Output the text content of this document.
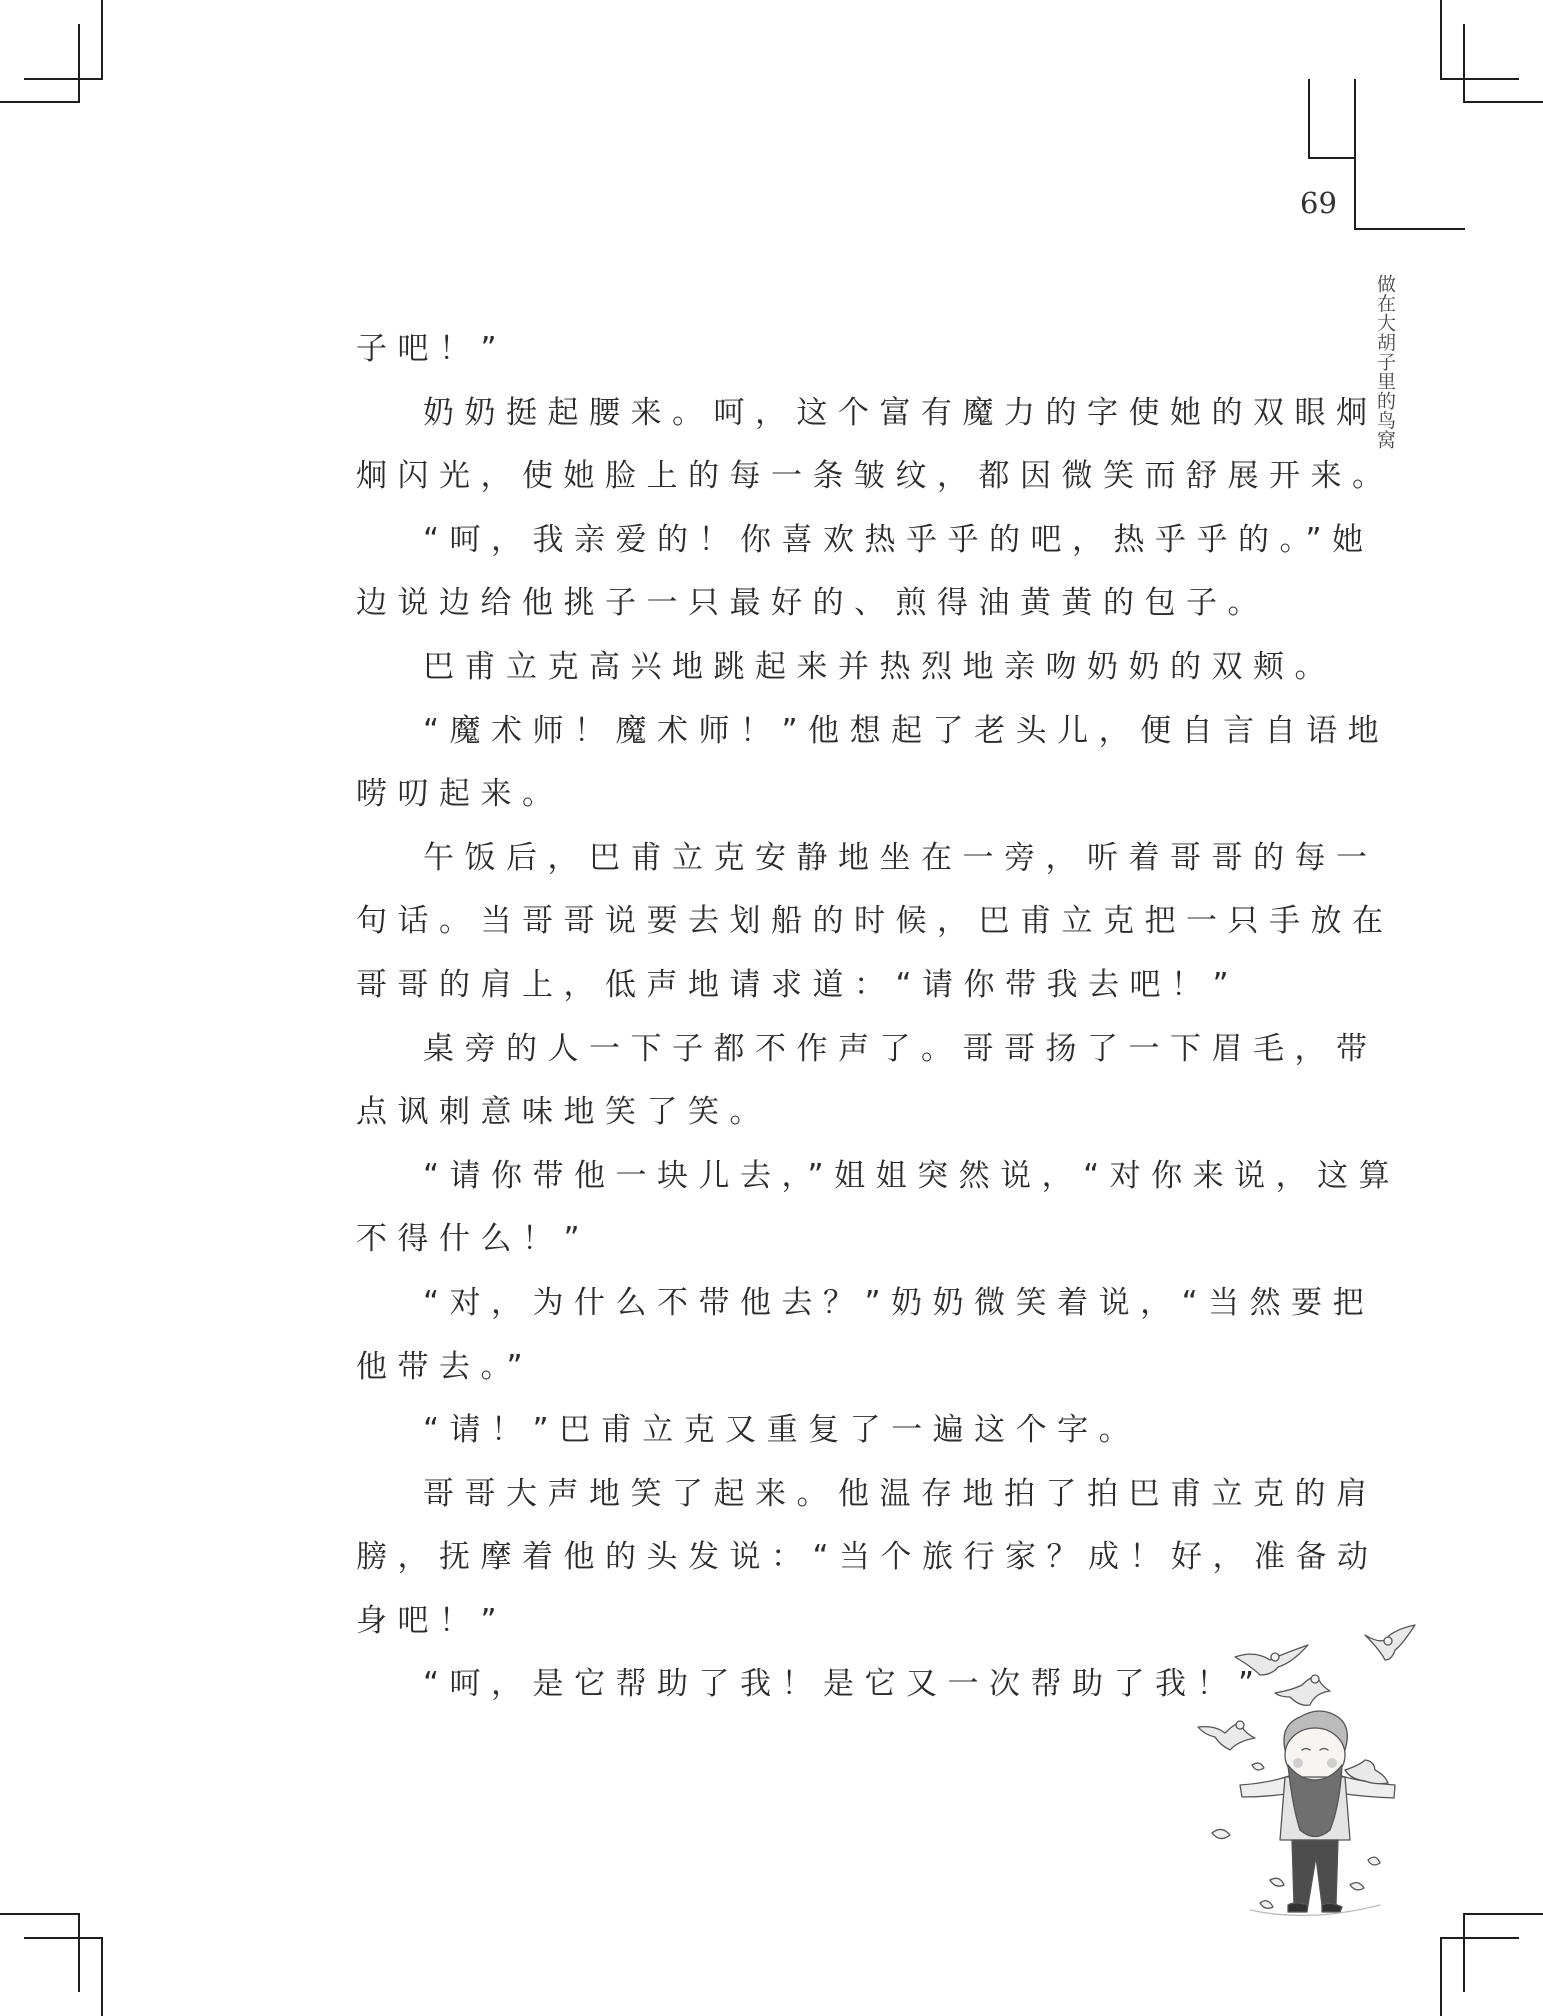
69
做在大胡子里的鸟窝

子吧！”

奶奶挺起腰来。呵，这个富有魔力的字使她的双眼炯

炯闪光，使她脸上的每一条皱纹，都因微笑而舒展开来。

“呵，我亲爱的！你喜欢热乎乎的吧，热乎乎的。”她

边说边给他挑子一只最好的、煎得油黄黄的包子。

巴甫立克高兴地跳起来并热烈地亲吻奶奶的双颊。

“魔术师！魔术师！”他想起了老头儿，便自言自语地

唠叨起来。

午饭后，巴甫立克安静地坐在一旁，听着哥哥的每一

句话。当哥哥说要去划船的时候，巴甫立克把一只手放在

哥哥的肩上，低声地请求道：“请你带我去吧！”

桌旁的人一下子都不作声了。哥哥扬了一下眉毛，带

点讽刺意味地笑了笑。

“请你带他一块儿去，”姐姐突然说，“对你来说，这算

不得什么！”

“对，为什么不带他去？”奶奶微笑着说，“当然要把

他带去。”

“请！”巴甫立克又重复了一遍这个字。

哥哥大声地笑了起来。他温存地拍了拍巴甫立克的肩

膀，抚摩着他的头发说：“当个旅行家？成！好，准备动

身吧！”

“呵，是它帮助了我！是它又一次帮助了我！”
